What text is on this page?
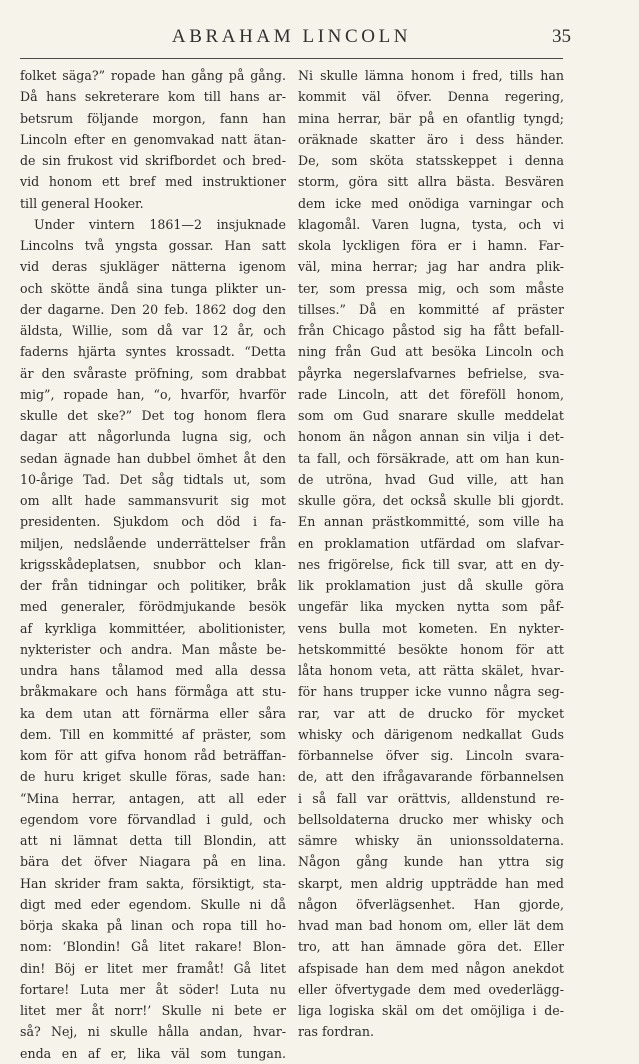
ABRAHAM LINCOLN	35
folket säga?” ropade han gång på gång.
Då hans sekreterare kom till hans ar-
betsrum följande morgon, fann han
Lincoln efter en genomvakad natt ätan-
de sin frukost vid skrifbordet och bred-
vid honom ett bref med instruktioner
till general Hooker.
Under vintern 1861—2 insjuknade
Lincolns två yngsta gossar. Han satt
vid deras sjukläger nätterna igenom
och skötte ändå sina tunga plikter un-
der dagarne. Den 20 feb. 1862 dog den
äldsta, Willie, som då var 12 år, och
faderns hjärta syntes krossadt. “Detta
är den svåraste pröfning, som drabbat
mig”, ropade han, “o, hvarför, hvarför
skulle det ske?” Det tog honom flera
dagar att någorlunda lugna sig, och
sedan ägnade han dubbel ömhet åt den
10-årige Tad. Det såg tidtals ut, som
om allt hade sammansvurit sig mot
presidenten. Sjukdom och död i fa-
miljen, nedslående underrättelser från
krigsskådeplatsen, snubbor och klan-
der från tidningar och politiker, bråk
med generaler, förödmjukande besök
af kyrkliga kommittéer, abolitionister,
nykterister och andra. Man måste be-
undra hans tålamod med alla dessa
bråkmakare och hans förmåga att stu-
ka dem utan att förnärma eller såra
dem. Till en kommitté af präster, som
kom för att gifva honom råd beträffan-
de huru kriget skulle föras, sade han:
“Mina herrar, antagen, att all eder
egendom vore förvandlad i guld, och
att ni lämnat detta till Blondin, att
bära det öfver Niagara på en lina.
Han skrider fram sakta, försiktigt, sta-
digt med eder egendom. Skulle ni då
börja skaka på linan och ropa till ho-
nom: ‘Blondin! Gå litet rakare! Blon-
din! Böj er litet mer framåt! Gå litet
fortare! Luta mer åt söder! Luta nu
litet mer åt norr!’ Skulle ni bete er
så? Nej, ni skulle hålla andan, hvar-
enda en af er, lika väl som tungan.
Ni skulle lämna honom i fred, tills han
kommit väl öfver. Denna regering,
mina herrar, bär på en ofantlig tyngd;
oräknade skatter äro i dess händer.
De, som sköta statsskeppet i denna
storm, göra sitt allra bästa. Besvären
dem icke med onödiga varningar och
klagomål. Varen lugna, tysta, och vi
skola lyckligen föra er i hamn. Far-
väl, mina herrar; jag har andra plik-
ter, som pressa mig, och som måste
tillses.” Då en kommitté af präster
från Chicago påstod sig ha fått befall-
ning från Gud att besöka Lincoln och
påyrka negerslafvarnes befrielse, sva-
rade Lincoln, att det föreföll honom,
som om Gud snarare skulle meddelat
honom än någon annan sin vilja i det-
ta fall, och försäkrade, att om han kun-
de utröna, hvad Gud ville, att han
skulle göra, det också skulle bli gjordt.
En annan prästkommitté, som ville ha
en proklamation utfärdad om slafvar-
nes frigörelse, fick till svar, att en dy-
lik proklamation just då skulle göra
ungefär lika mycken nytta som påf-
vens bulla mot kometen. En nykter-
hetskommitté besökte honom för att
låta honom veta, att rätta skälet, hvar-
för hans trupper icke vunno några seg-
rar, var att de drucko för mycket
whisky och därigenom nedkallat Guds
förbannelse öfver sig. Lincoln svara-
de, att den ifrågavarande förbannelsen
i så fall var orättvis, alldenstund re-
bellsoldaterna drucko mer whisky och
sämre whisky än unionssoldaterna.
Någon gång kunde han yttra sig
skarpt, men aldrig uppträdde han med
någon öfverlägsenhet. Han gjorde,
hvad man bad honom om, eller lät dem
tro, att han ämnade göra det. Eller
afspisade han dem med någon anekdot
eller öfvertygade dem med ovederlägg-
liga logiska skäl om det omöjliga i de-
ras fordran.
